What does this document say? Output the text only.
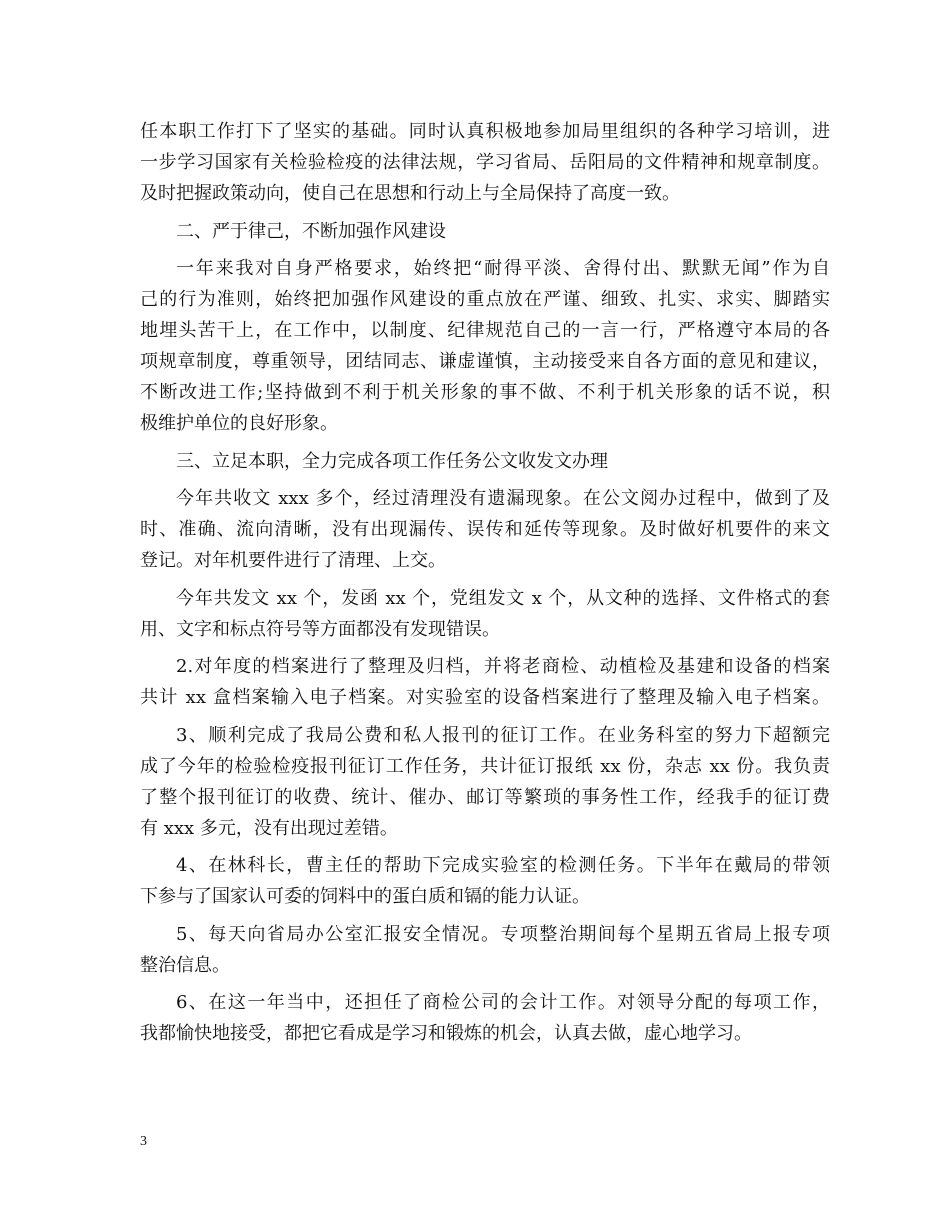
任本职工作打下了坚实的基础。同时认真积极地参加局里组织的各种学习培训，进
一步学习国家有关检验检疫的法律法规，学习省局、岳阳局的文件精神和规章制度。
及时把握政策动向，使自己在思想和行动上与全局保持了高度一致。
二、严于律己，不断加强作风建设
一年来我对自身严格要求，始终把“耐得平淡、舍得付出、默默无闻”作为自
己的行为准则，始终把加强作风建设的重点放在严谨、细致、扎实、求实、脚踏实
地埋头苦干上，在工作中，以制度、纪律规范自己的一言一行，严格遵守本局的各
项规章制度，尊重领导，团结同志、谦虚谨慎，主动接受来自各方面的意见和建议，
不断改进工作;坚持做到不利于机关形象的事不做、不利于机关形象的话不说，积
极维护单位的良好形象。
三、立足本职，全力完成各项工作任务公文收发文办理
今年共收文 xxx 多个，经过清理没有遗漏现象。在公文阅办过程中，做到了及
时、准确、流向清晰，没有出现漏传、误传和延传等现象。及时做好机要件的来文
登记。对年机要件进行了清理、上交。
今年共发文 xx 个，发函 xx 个，党组发文 x 个，从文种的选择、文件格式的套
用、文字和标点符号等方面都没有发现错误。
2.对年度的档案进行了整理及归档，并将老商检、动植检及基建和设备的档案
共计 xx 盒档案输入电子档案。对实验室的设备档案进行了整理及输入电子档案。
3、顺利完成了我局公费和私人报刊的征订工作。在业务科室的努力下超额完
成了今年的检验检疫报刊征订工作任务，共计征订报纸 xx 份，杂志 xx 份。我负责
了整个报刊征订的收费、统计、催办、邮订等繁琐的事务性工作，经我手的征订费
有 xxx 多元，没有出现过差错。
4、在林科长，曹主任的帮助下完成实验室的检测任务。下半年在戴局的带领
下参与了国家认可委的饲料中的蛋白质和镉的能力认证。
5、每天向省局办公室汇报安全情况。专项整治期间每个星期五省局上报专项
整治信息。
6、在这一年当中，还担任了商检公司的会计工作。对领导分配的每项工作，
我都愉快地接受，都把它看成是学习和锻炼的机会，认真去做，虚心地学习。
3
